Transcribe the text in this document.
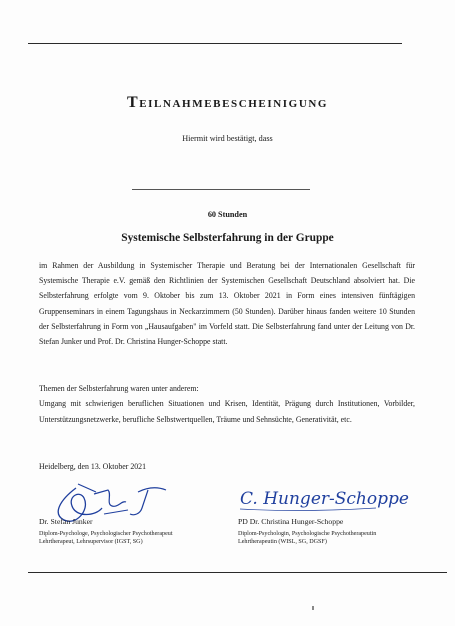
Teilnahmebescheinigung
Hiermit wird bestätigt, dass
60 Stunden
Systemische Selbsterfahrung in der Gruppe
im Rahmen der Ausbildung in Systemischer Therapie und Beratung bei der Internationalen Gesellschaft für Systemische Therapie e.V. gemäß den Richtlinien der Systemischen Gesellschaft Deutschland absolviert hat. Die Selbsterfahrung erfolgte vom 9. Oktober bis zum 13. Oktober 2021 in Form eines intensiven fünftägigen Gruppenseminars in einem Tagungshaus in Neckarzimmern (50 Stunden). Darüber hinaus fanden weitere 10 Stunden der Selbsterfahrung in Form von „Hausaufgaben" im Vorfeld statt. Die Selbsterfahrung fand unter der Leitung von Dr. Stefan Junker und Prof. Dr. Christina Hunger-Schoppe statt.
Themen der Selbsterfahrung waren unter anderem:
Umgang mit schwierigen beruflichen Situationen und Krisen, Identität, Prägung durch Institutionen, Vorbilder, Unterstützungsnetzwerke, berufliche Selbstwertquellen, Träume und Sehnsüchte, Generativität, etc.
Heidelberg, den 13. Oktober 2021
C. Hunger-Schoppe
Dr. Stefan Junker
Diplom-Psychologe, Psychologischer Psychotherapeut
Lehrtherapeut, Lehrsupervisor (IGST, SG)
PD Dr. Christina Hunger-Schoppe
Diplom-Psychologin, Psychologische Psychotherapeutin
Lehrtherapeutin (WISL, SG, DGSF)
